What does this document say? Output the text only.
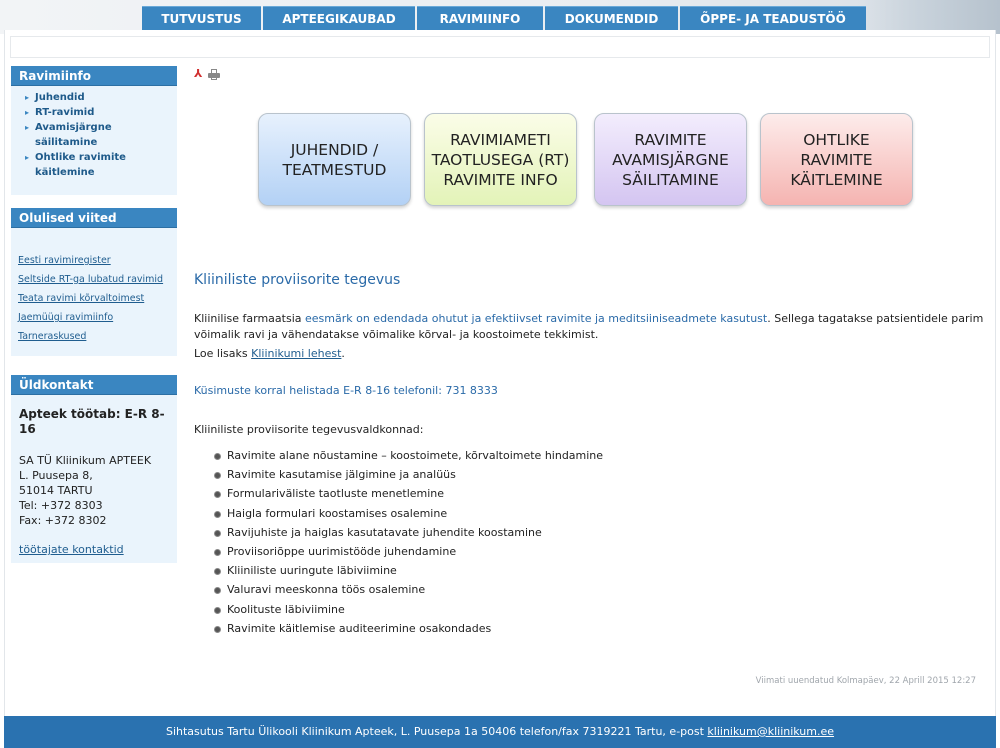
TUTVUSTUS	APTEEGIKAUBAD	RAVIMIINFO	DOKUMENDID	ÕPPE- JA TEADUSTÖÖ
Ravimiinfo
▸ Juhendid
▸ RT-ravimid
▸ Avamisjärgne säilitamine
▸ Ohtlike ravimite käitlemine
Olulised viited
Eesti ravimiregister
Seltside RT-ga lubatud ravimid
Teata ravimi kõrvaltoimest
Jaemüügi ravimiinfo
Tarneraskused
Üldkontakt
Apteek töötab: E-R 8-16
SA TÜ Kliinikum APTEEK
L. Puusepa 8,
51014 TARTU
Tel: +372 8303
Fax: +372 8302
töötajate kontaktid
⅄
JUHENDID /
TEATMESTUD
RAVIMIAMETI
TAOTLUSEGA (RT)
RAVIMITE INFO
RAVIMITE
AVAMISJÄRGNE
SÄILITAMINE
OHTLIKE
RAVIMITE
KÄITLEMINE
Kliiniliste proviisorite tegevus

Kliinilise farmaatsia eesmärk on edendada ohutut ja efektiivset ravimite ja meditsiiniseadmete kasutust. Sellega tagatakse patsientidele parim võimalik ravi ja vähendatakse võimalike kõrval- ja koostoimete tekkimist.

Loe lisaks Kliinikumi lehest.

Küsimuste korral helistada E-R 8-16 telefonil: 731 8333
Kliiniliste proviisorite tegevusvaldkonnad:
Ravimite alane nõustamine – koostoimete, kõrvaltoimete hindamine
Ravimite kasutamise jälgimine ja analüüs
Formulariväliste taotluste menetlemine
Haigla formulari koostamises osalemine
Ravijuhiste ja haiglas kasutatavate juhendite koostamine
Proviisoriõppe uurimistööde juhendamine
Kliiniliste uuringute läbiviimine
Valuravi meeskonna töös osalemine
Koolituste läbiviimine
Ravimite käitlemise auditeerimine osakondades
Viimati uuendatud Kolmapäev, 22 Aprill 2015 12:27
Sihtasutus Tartu Ülikooli Kliinikum Apteek, L. Puusepa 1a 50406 telefon/fax 7319221 Tartu, e-post kliinikum@kliinikum.ee
